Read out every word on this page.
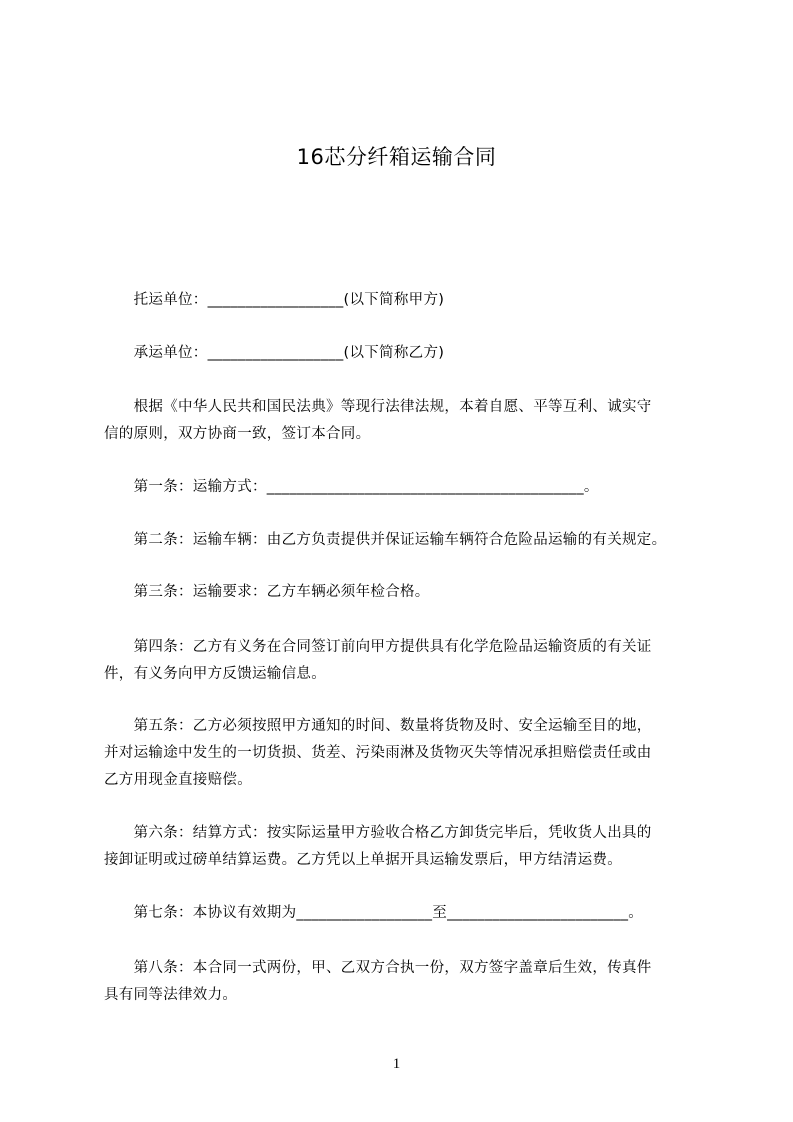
16芯分纤箱运输合同
　　托运单位：__________________(以下简称甲方)
　　承运单位：__________________(以下简称乙方)
　　根据《中华人民共和国民法典》等现行法律法规，本着自愿、平等互利、诚实守
信的原则，双方协商一致，签订本合同。
　　第一条：运输方式：__________________________________________。
　　第二条：运输车辆：由乙方负责提供并保证运输车辆符合危险品运输的有关规定。
　　第三条：运输要求：乙方车辆必须年检合格。
　　第四条：乙方有义务在合同签订前向甲方提供具有化学危险品运输资质的有关证
件，有义务向甲方反馈运输信息。
　　第五条：乙方必须按照甲方通知的时间、数量将货物及时、安全运输至目的地，
并对运输途中发生的一切货损、货差、污染雨淋及货物灭失等情况承担赔偿责任或由
乙方用现金直接赔偿。
　　第六条：结算方式：按实际运量甲方验收合格乙方卸货完毕后，凭收货人出具的
接卸证明或过磅单结算运费。乙方凭以上单据开具运输发票后，甲方结清运费。
　　第七条：本协议有效期为__________________至________________________。
　　第八条：本合同一式两份，甲、乙双方合执一份，双方签字盖章后生效，传真件
具有同等法律效力。
1
